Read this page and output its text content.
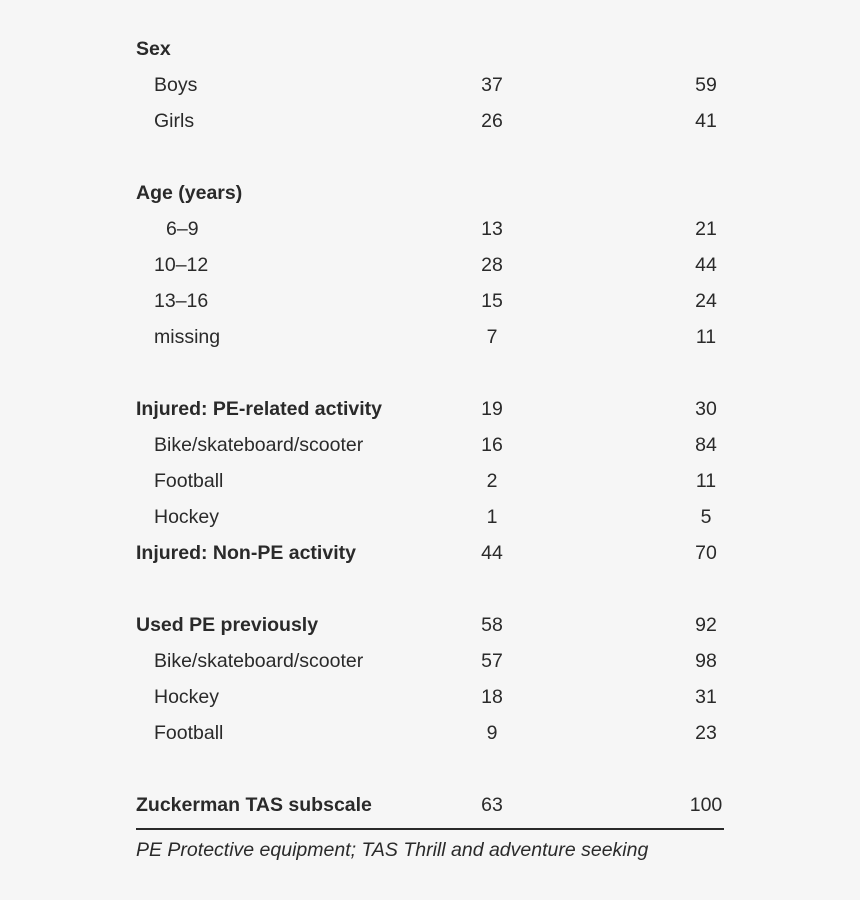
Sex
Boys	37	59
Girls	26	41
Age (years)
6–9	13	21
10–12	28	44
13–16	15	24
missing	7	11
Injured: PE-related activity	19	30
Bike/skateboard/scooter	16	84
Football	2	11
Hockey	1	5
Injured: Non-PE activity	44	70
Used PE previously	58	92
Bike/skateboard/scooter	57	98
Hockey	18	31
Football	9	23
Zuckerman TAS subscale	63	100
PE Protective equipment; TAS Thrill and adventure seeking
